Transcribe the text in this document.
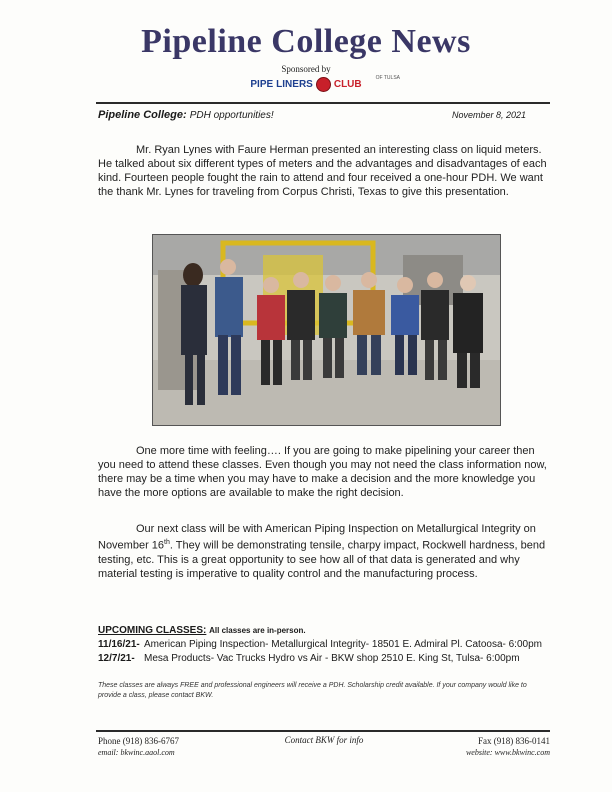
Pipeline College News
Sponsored by
PIPE LINERS CLUB
OF TULSA
Pipeline College: PDH opportunities!	November 8, 2021
Mr. Ryan Lynes with Faure Herman presented an interesting class on liquid meters. He talked about six different types of meters and the advantages and disadvantages of each kind. Fourteen people fought the rain to attend and four received a one-hour PDH. We want the thank Mr. Lynes for traveling from Corpus Christi, Texas to give this presentation.
One more time with feeling…. If you are going to make pipelining your career then you need to attend these classes. Even though you may not need the class information now, there may be a time when you may have to make a decision and the more knowledge you have the more options are available to make the right decision.
Our next class will be with American Piping Inspection on Metallurgical Integrity on November 16th. They will be demonstrating tensile, charpy impact, Rockwell hardness, bend testing, etc. This is a great opportunity to see how all of that data is generated and why material testing is imperative to quality control and the manufacturing process.
UPCOMING CLASSES: All classes are in-person.
11/16/21- American Piping Inspection- Metallurgical Integrity- 18501 E. Admiral Pl. Catoosa- 6:00pm
12/7/21- Mesa Products- Vac Trucks Hydro vs Air - BKW shop 2510 E. King St, Tulsa- 6:00pm
These classes are always FREE and professional engineers will receive a PDH. Scholarship credit available. If your company would like to provide a class, please contact BKW.
Phone (918) 836-6767
email: bkwinc.aaol.com
Contact BKW for info	Fax (918) 836-0141
website: www.bkwinc.com
